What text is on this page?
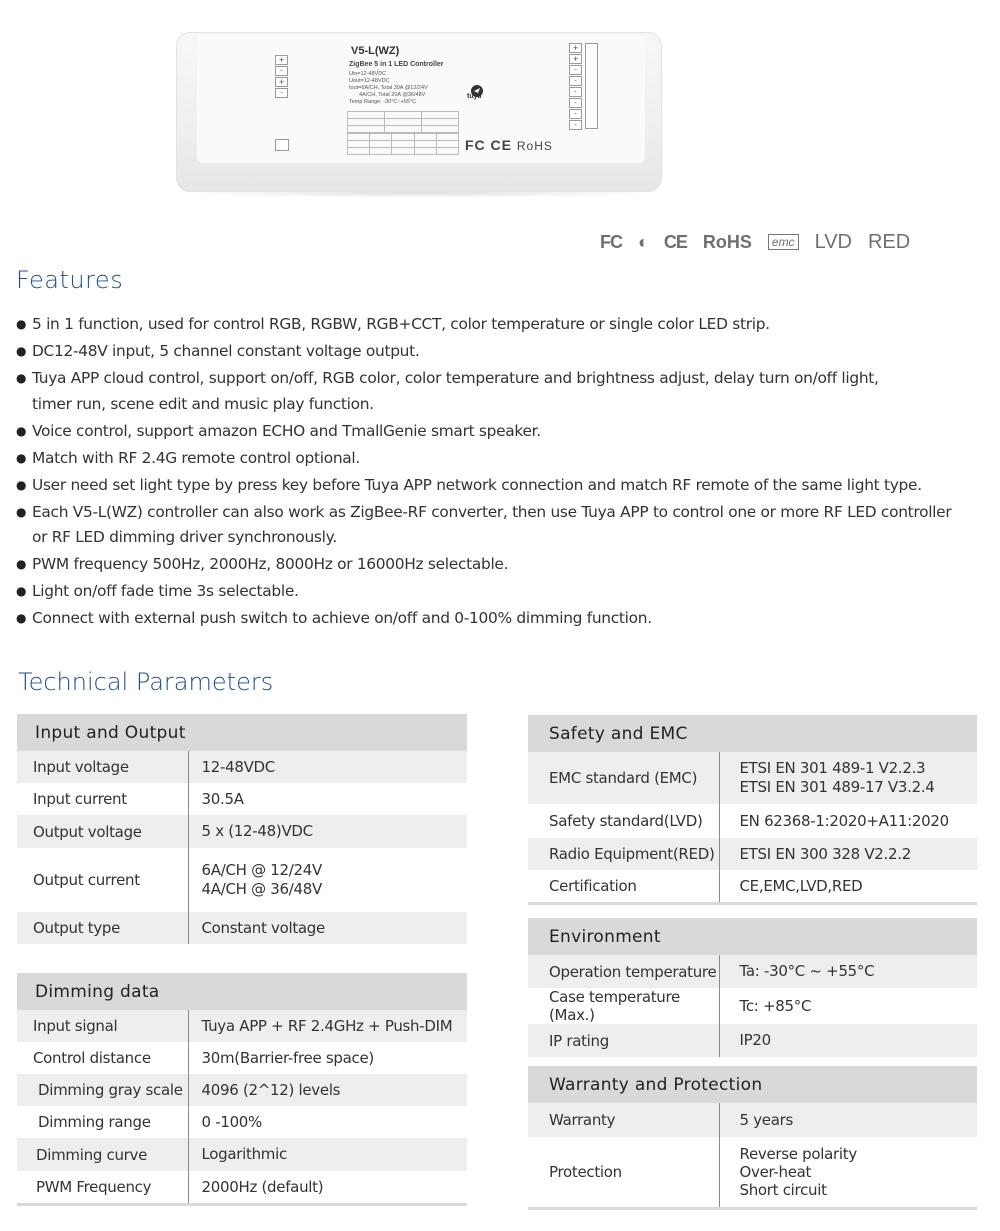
+
-
+
-
V5-L(WZ)
ZigBee 5 in 1 LED Controller
Uin=12-48VDC
Uout=12-48VDC
Iout=6A/CH, Total 30A @12/24V
4A/CH, Total 20A @36/48V
Temp Range: -30°C~+55°C

tuya
FC CE RoHS
+
+
-
-
-
-
-
-
FC ◐ CE RoHS	emc LVD RED
Features
● 5 in 1 function, used for control RGB, RGBW, RGB+CCT, color temperature or single color LED strip.
● DC12-48V input, 5 channel constant voltage output.
● Tuya APP cloud control, support on/off, RGB color, color temperature and brightness adjust, delay turn on/off light,
timer run, scene edit and music play function.
● Voice control, support amazon ECHO and TmallGenie smart speaker.
● Match with RF 2.4G remote control optional.
● User need set light type by press key before Tuya APP network connection and match RF remote of the same light type.
● Each V5-L(WZ) controller can also work as ZigBee-RF converter, then use Tuya APP to control one or more RF LED controller
or RF LED dimming driver synchronously.
● PWM frequency 500Hz, 2000Hz, 8000Hz or 16000Hz selectable.
● Light on/off fade time 3s selectable.
● Connect with external push switch to achieve on/off and 0-100% dimming function.
Technical Parameters
Input and Output	
Input voltage	12-48VDC
Input current	30.5A
Output voltage	5 x (12-48)VDC
Output current	6A/CH @ 12/24V
4A/CH @ 36/48V

Output type	Constant voltage
Dimming data	
Input signal	Tuya APP + RF 2.4GHz + Push-DIM
Control distance	30m(Barrier-free space)
Dimming gray scale	4096 (2^12) levels
Dimming range	0 -100%
Dimming curve	Logarithmic
PWM Frequency	2000Hz (default)

Safety and EMC	
EMC standard (EMC)	ETSI EN 301 489-1 V2.2.3
ETSI EN 301 489-17 V3.2.4

Safety standard(LVD)	EN 62368-1:2020+A11:2020
Radio Equipment(RED)	ETSI EN 300 328 V2.2.2
Certification	CE,EMC,LVD,RED

Environment	
Operation temperature	Ta: -30°C ~ +55°C
Case temperature (Max.)	Tc: +85°C
IP rating	IP20
Warranty and Protection	
Warranty	5 years
Protection	Reverse polarity
Over-heat
Short circuit
